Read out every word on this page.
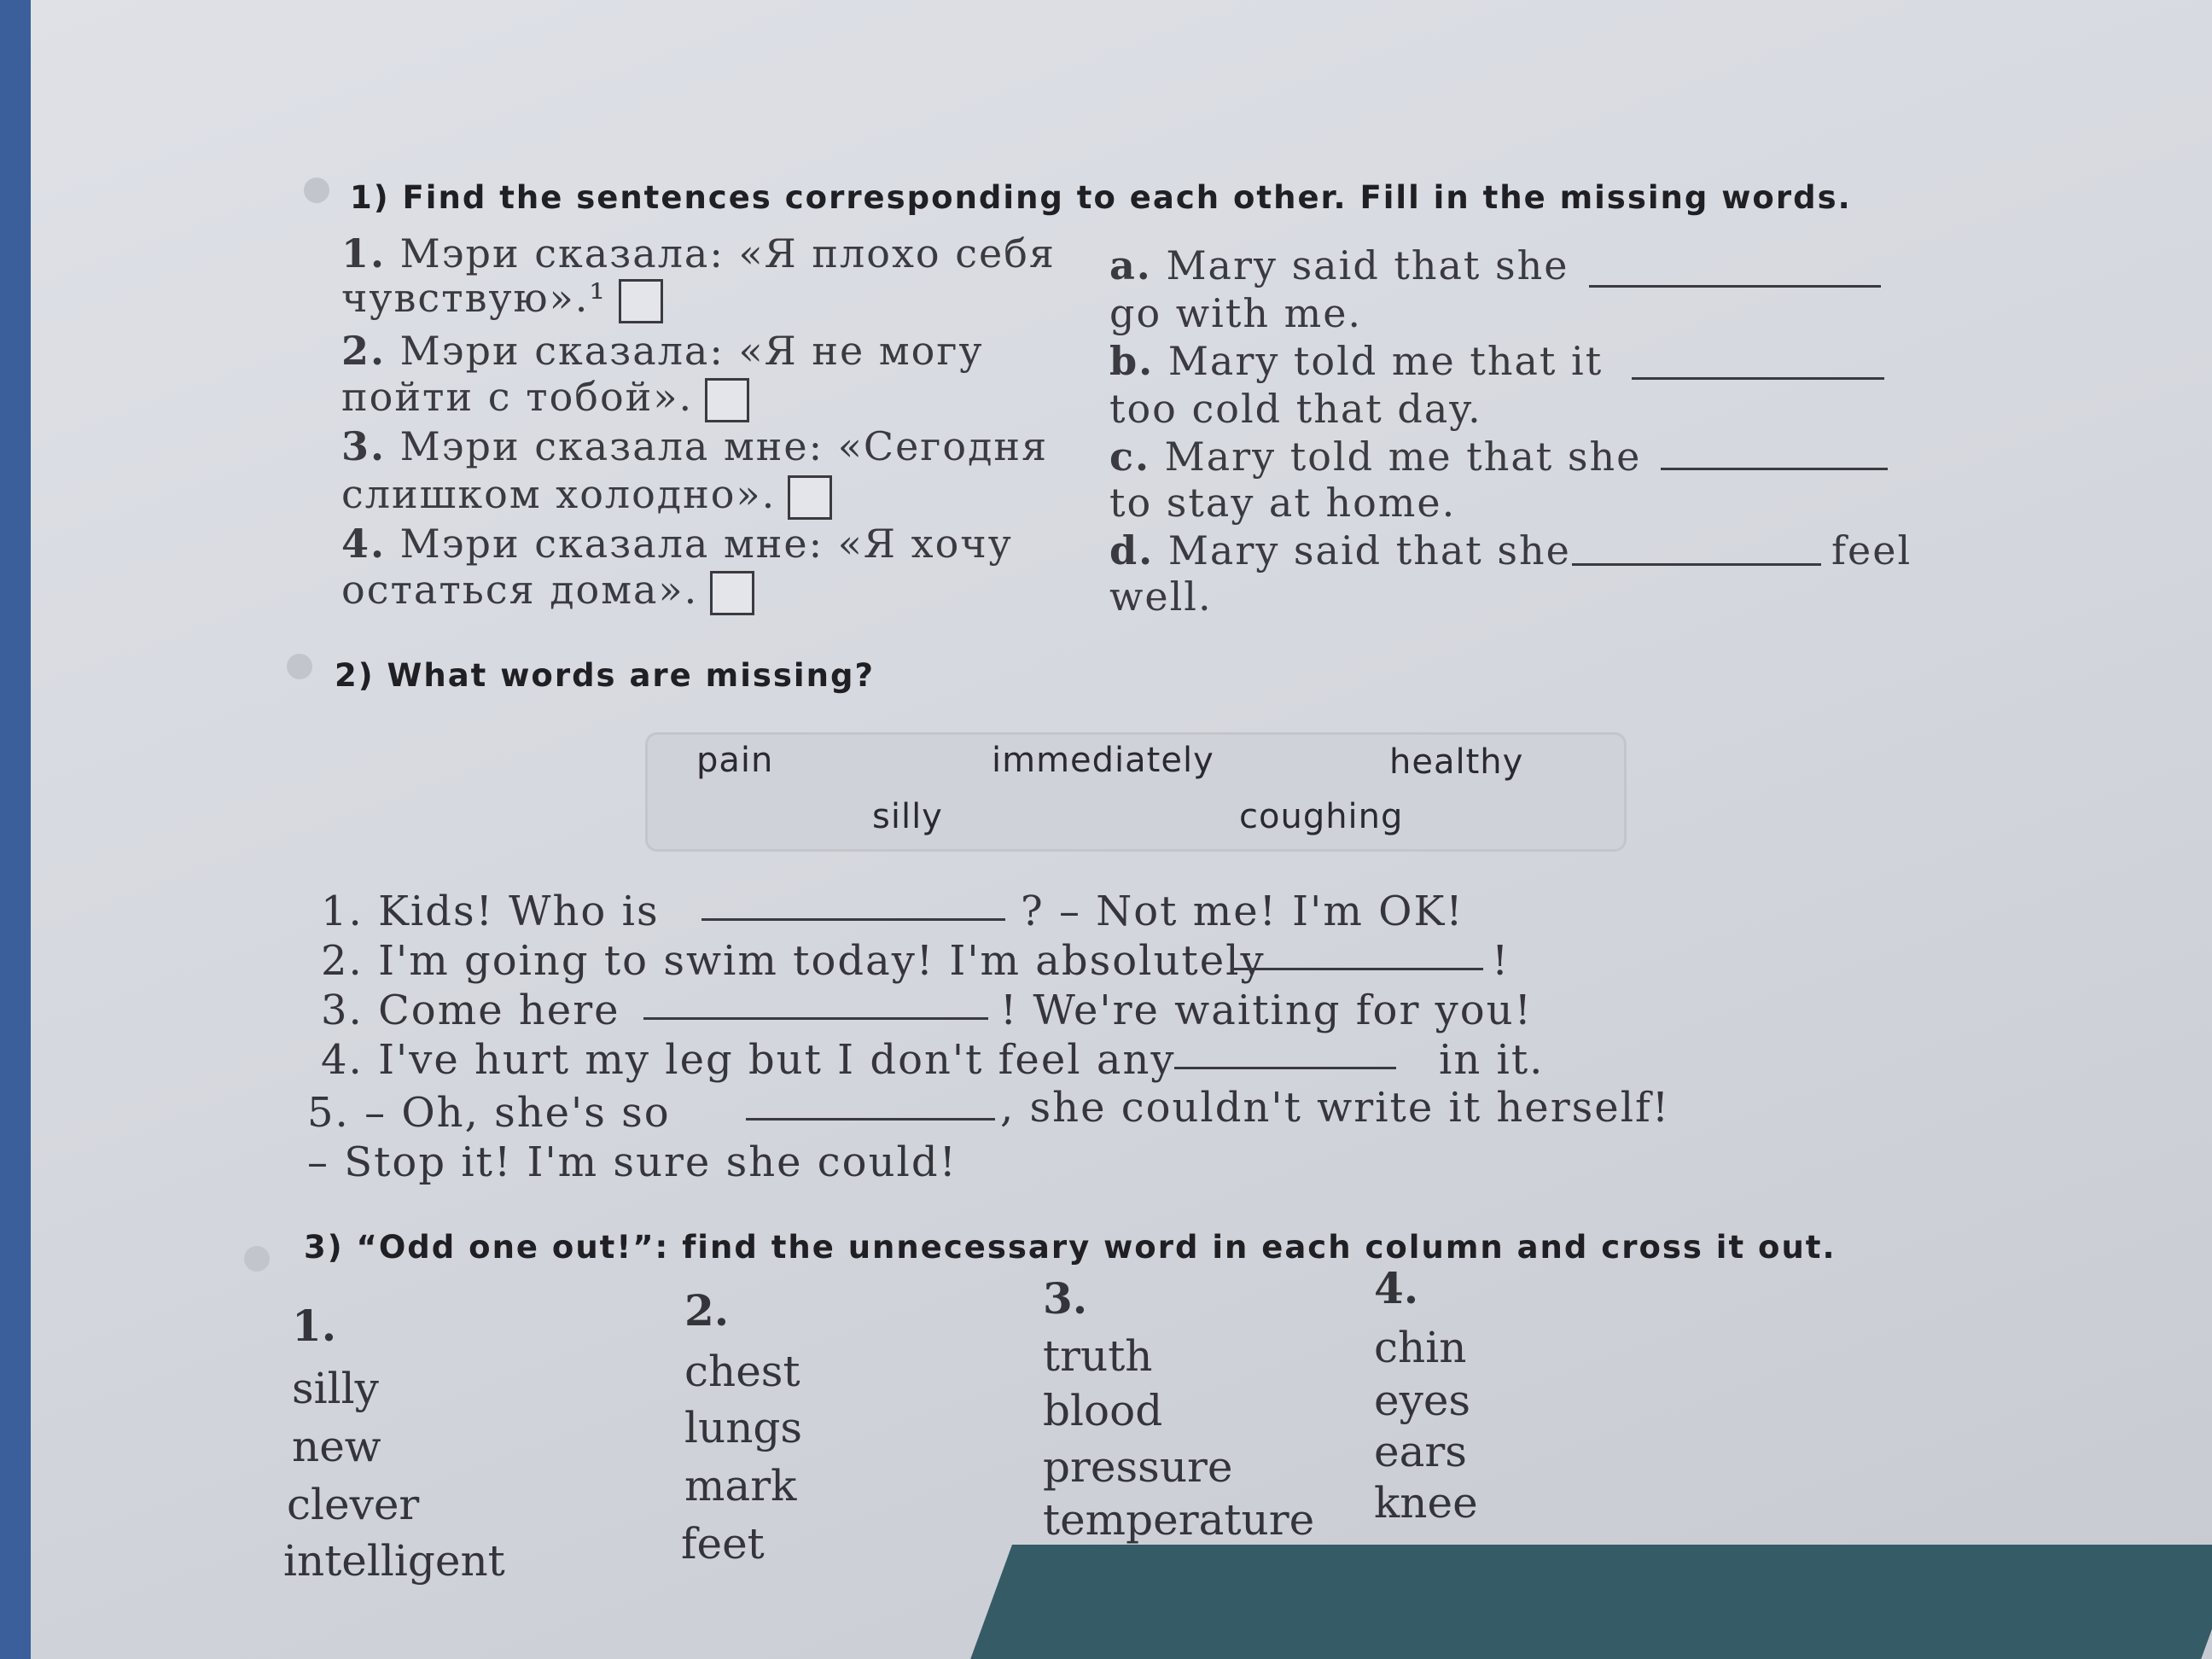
1) Find the sentences corresponding to each other. Fill in the missing words.
1. Мэри сказала: «Я плохо себя
чувствую».¹
2. Мэри сказала: «Я не могу
пойти с тобой».
3. Мэри сказала мне: «Сегодня
слишком холодно».
4. Мэри сказала мне: «Я хочу
остаться дома».
a. Mary said that she
go with me.
b. Mary told me that it
too cold that day.
c. Mary told me that she
to stay at home.
d. Mary said that she	feel
well.
2) What words are missing?
pain	immediately	healthy
silly	coughing
1. Kids! Who is	? – Not me! I'm OK!
2. I'm going to swim today! I'm absolutely	!
3. Come here	! We're waiting for you!
4. I've hurt my leg but I don't feel any	in it.
5. – Oh, she's so	, she couldn't write it herself!
– Stop it! I'm sure she could!
3) “Odd one out!”: find the unnecessary word in each column and cross it out.
1.
silly
new
clever
intelligent
2.
chest
lungs
mark
feet
3.
truth
blood
pressure
temperature
4.
chin
eyes
ears
knee
